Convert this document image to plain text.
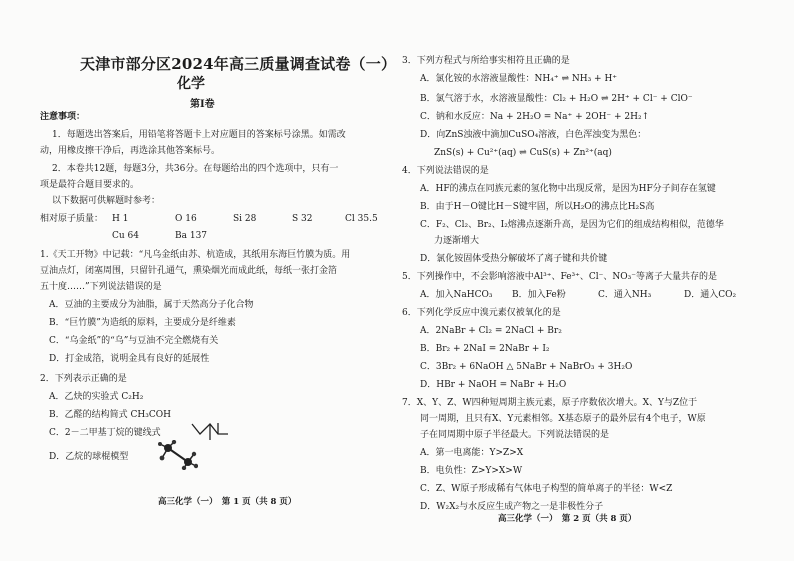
天津市部分区2024年高三质量调查试卷（一）
化学
第Ⅰ卷
注意事项：
1．每题选出答案后，用铅笔将答题卡上对应题目的答案标号涂黑。如需改
动，用橡皮擦干净后，再选涂其他答案标号。
2．本卷共12题，每题3分，共36分。在每题给出的四个选项中，只有一
项是最符合题目要求的。
以下数据可供解题时参考：
相对原子质量： H 1	O 16	Si 28	S 32	Cl 35.5
Cu 64	Ba 137
1.《天工开物》中记载：“凡乌金纸由苏、杭造成，其纸用东海巨竹膜为质。用
豆油点灯，闭塞周围，只留针孔通气，熏染烟光而成此纸，每纸一张打金箔
五十度……”下列说法错误的是
A．豆油的主要成分为油脂，属于天然高分子化合物
B．“巨竹膜”为造纸的原料，主要成分是纤维素
C．“乌金纸”的“乌”与豆油不完全燃烧有关
D．打金成箔，说明金具有良好的延展性
2．下列表示正确的是
A．乙炔的实验式 C₂H₂
B．乙醛的结构简式 CH₃COH
C．2－二甲基丁烷的键线式
D．乙烷的球棍模型
高三化学（一）　第 1 页（共 8 页）
3．下列方程式与所给事实相符且正确的是
A．氯化铵的水溶液显酸性：NH₄⁺ ⇌ NH₃ + H⁺
B．氯气溶于水，水溶液显酸性：Cl₂ + H₂O ⇌ 2H⁺ + Cl⁻ + ClO⁻
C．钠和水反应：Na + 2H₂O = Na⁺ + 2OH⁻ + 2H₂↑
D．向ZnS浊液中滴加CuSO₄溶液，白色浑浊变为黑色：
ZnS(s) + Cu²⁺(aq) ⇌ CuS(s) + Zn²⁺(aq)
4．下列说法错误的是
A．HF的沸点在同族元素的氢化物中出现反常，是因为HF分子间存在氢键
B．由于H－O键比H－S键牢固，所以H₂O的沸点比H₂S高
C．F₂、Cl₂、Br₂、I₂熔沸点逐渐升高，是因为它们的组成结构相似，范德华
力逐渐增大
D．氯化铵固体受热分解破坏了离子键和共价键
5．下列操作中，不会影响溶液中Al³⁺、Fe³⁺、Cl⁻、NO₃⁻等离子大量共存的是
A．加入NaHCO₃ B．加入Fe粉	C．通入NH₃	D．通入CO₂
6．下列化学反应中溴元素仅被氧化的是
A．2NaBr + Cl₂ = 2NaCl + Br₂
B．Br₂ + 2NaI = 2NaBr + I₂
C．3Br₂ + 6NaOH △ 5NaBr + NaBrO₃ + 3H₂O
D．HBr + NaOH = NaBr + H₂O
7．X、Y、Z、W四种短周期主族元素，原子序数依次增大。X、Y与Z位于
同一周期，且只有X、Y元素相邻。X基态原子的最外层有4个电子，W原
子在同周期中原子半径最大。下列说法错误的是
A．第一电离能：Y>Z>X
B．电负性：Z>Y>X>W
C．Z、W原子形成稀有气体电子构型的简单离子的半径：W<Z
D．W₂X₂与水反应生成产物之一是非极性分子
高三化学（一）　第 2 页（共 8 页）
